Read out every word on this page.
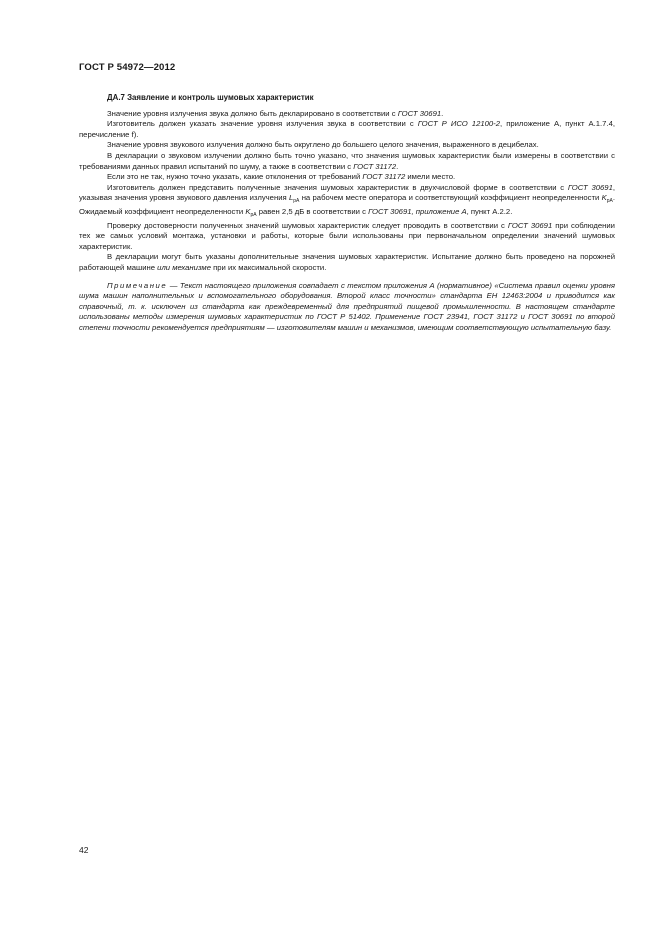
ГОСТ Р 54972—2012
ДА.7 Заявление и контроль шумовых характеристик

Значение уровня излучения звука должно быть декларировано в соответствии с ГОСТ 30691.

Изготовитель должен указать значение уровня излучения звука в соответствии с ГОСТ Р ИСО 12100-2, приложение А, пункт А.1.7.4, перечисление f).

Значение уровня звукового излучения должно быть округлено до большего целого значения, выраженного в децибелах.

В декларации о звуковом излучении должно быть точно указано, что значения шумовых характеристик были измерены в соответствии с требованиями данных правил испытаний по шуму, а также в соответствии с ГОСТ 31172.

Если это не так, нужно точно указать, какие отклонения от требований ГОСТ 31172 имели место.

Изготовитель должен представить полученные значения шумовых характеристик в двухчисловой форме в соответствии с ГОСТ 30691, указывая значения уровня звукового давления излучения $L_{pA}$ на рабочем месте оператора и соответствующий коэффициент неопределенности $K_{pA}$. Ожидаемый коэффициент неопределенности $K_{pA}$ равен 2,5 дБ в соответствии с ГОСТ 30691, приложение А, пункт А.2.2.

Проверку достоверности полученных значений шумовых характеристик следует проводить в соответствии с ГОСТ 30691 при соблюдении тех же самых условий монтажа, установки и работы, которые были использованы при первоначальном определении значений шумовых характеристик.

В декларации могут быть указаны дополнительные значения шумовых характеристик. Испытание должно быть проведено на порожней работающей машине или механизме при их максимальной скорости.

Примечание — Текст настоящего приложения совпадает с текстом приложения А (нормативное) «Система правил оценки уровня шума машин наполнительных и вспомогательного оборудования. Второй класс точности» стандарта ЕН 12463:2004 и приводится как справочный, т. к. исключен из стандарта как преждевременный для предприятий пищевой промышленности. В настоящем стандарте использованы методы измерения шумовых характеристик по ГОСТ Р 51402. Применение ГОСТ 23941, ГОСТ 31172 и ГОСТ 30691 по второй степени точности рекомендуется предприятиям — изготовителям машин и механизмов, имеющим соответствующую испытательную базу.

42
